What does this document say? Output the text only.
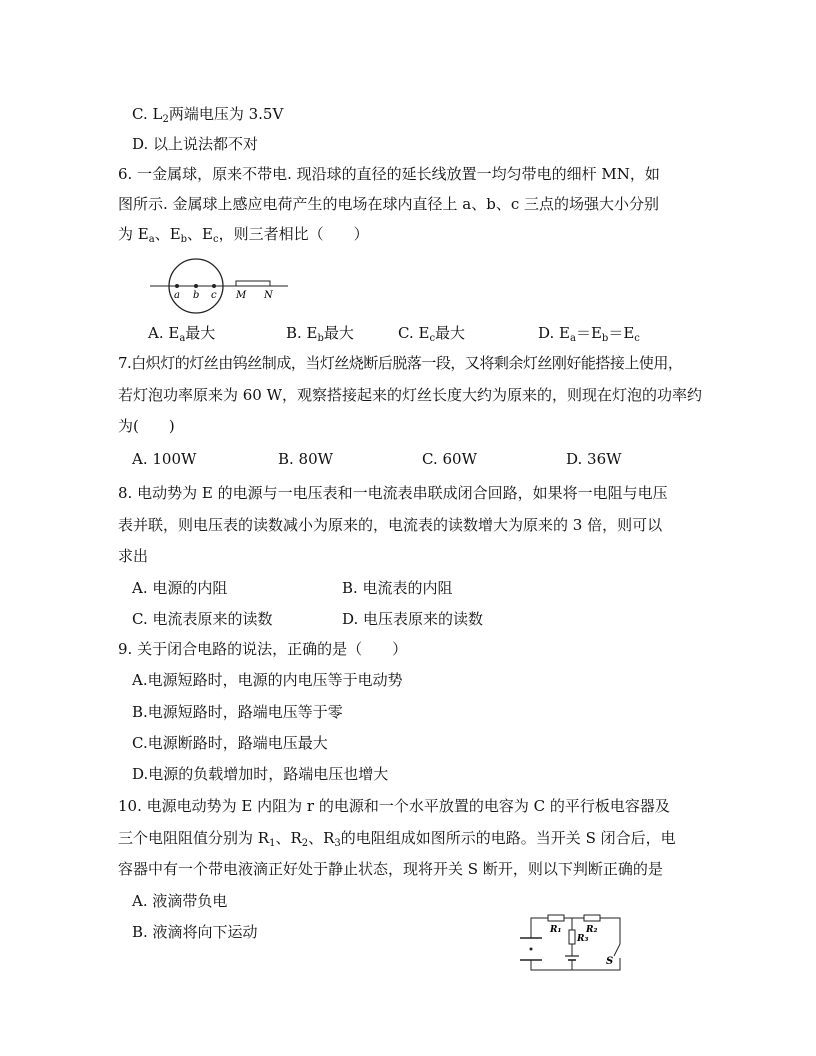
C. $L_2$两端电压为 3.5V
D. 以上说法都不对
6. 一金属球，原来不带电. 现沿球的直径的延长线放置一均匀带电的细杆 MN，如
图所示. 金属球上感应电荷产生的电场在球内直径上 a、b、c 三点的场强大小分别
为 $E_a$、$E_b$、$E_c$，则三者相比（　　）
a b c M N
A. $E_a$最大	B. $E_b$最大	C. $E_c$最大	D. $E_a=E_b=E_c$
7.白炽灯的灯丝由钨丝制成，当灯丝烧断后脱落一段，又将剩余灯丝刚好能搭接上使用，
若灯泡功率原来为 60 W，观察搭接起来的灯丝长度大约为原来的，则现在灯泡的功率约
为(　　)
A. 100W	B. 80W	C. 60W	D. 36W
8. 电动势为 E 的电源与一电压表和一电流表串联成闭合回路，如果将一电阻与电压
表并联，则电压表的读数减小为原来的，电流表的读数增大为原来的 3 倍，则可以
求出
A. 电源的内阻	B. 电流表的内阻
C. 电流表原来的读数	D. 电压表原来的读数
9. 关于闭合电路的说法，正确的是（　　）
A.电源短路时，电源的内电压等于电动势
B.电源短路时，路端电压等于零
C.电源断路时，路端电压最大
D.电源的负载增加时，路端电压也增大
10. 电源电动势为 E 内阻为 r 的电源和一个水平放置的电容为 C 的平行板电容器及
三个电阻阻值分别为 $R_1$、$R_2$、$R_3$的电阻组成如图所示的电路。当开关 S 闭合后，电
容器中有一个带电液滴正好处于静止状态，现将开关 S 断开，则以下判断正确的是
A. 液滴带负电
B. 液滴将向下运动	R₁	R₂
R₃
S
